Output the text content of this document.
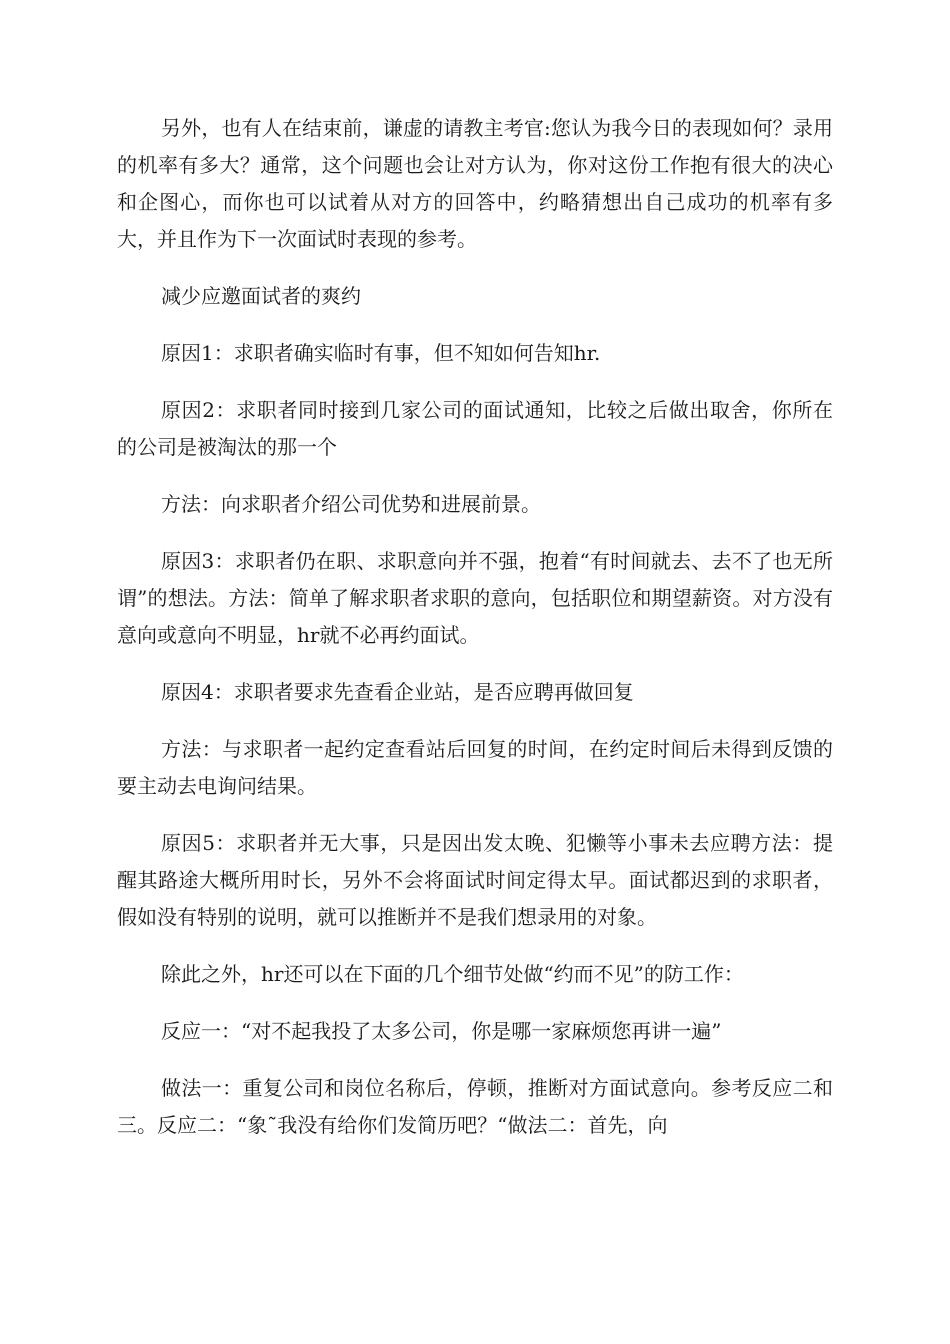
另外，也有人在结束前，谦虚的请教主考官:您认为我今日的表现如何？录用的机率有多大？通常，这个问题也会让对方认为，你对这份工作抱有很大的决心和企图心，而你也可以试着从对方的回答中，约略猜想出自己成功的机率有多大，并且作为下一次面试时表现的参考。

减少应邀面试者的爽约

原因1：求职者确实临时有事，但不知如何告知hr.

原因2：求职者同时接到几家公司的面试通知，比较之后做出取舍，你所在的公司是被淘汰的那一个

方法：向求职者介绍公司优势和进展前景。

原因3：求职者仍在职、求职意向并不强，抱着“有时间就去、去不了也无所谓”的想法。方法：简单了解求职者求职的意向，包括职位和期望薪资。对方没有意向或意向不明显，hr就不必再约面试。

原因4：求职者要求先查看企业站，是否应聘再做回复

方法：与求职者一起约定查看站后回复的时间，在约定时间后未得到反馈的要主动去电询问结果。

原因5：求职者并无大事，只是因出发太晚、犯懒等小事未去应聘方法：提醒其路途大概所用时长，另外不会将面试时间定得太早。面试都迟到的求职者，假如没有特别的说明，就可以推断并不是我们想录用的对象。

除此之外，hr还可以在下面的几个细节处做“约而不见”的防工作：

反应一：“对不起我投了太多公司，你是哪一家麻烦您再讲一遍”

做法一：重复公司和岗位名称后，停顿，推断对方面试意向。参考反应二和三。反应二：“象˜我没有给你们发简历吧？“做法二：首先，向
